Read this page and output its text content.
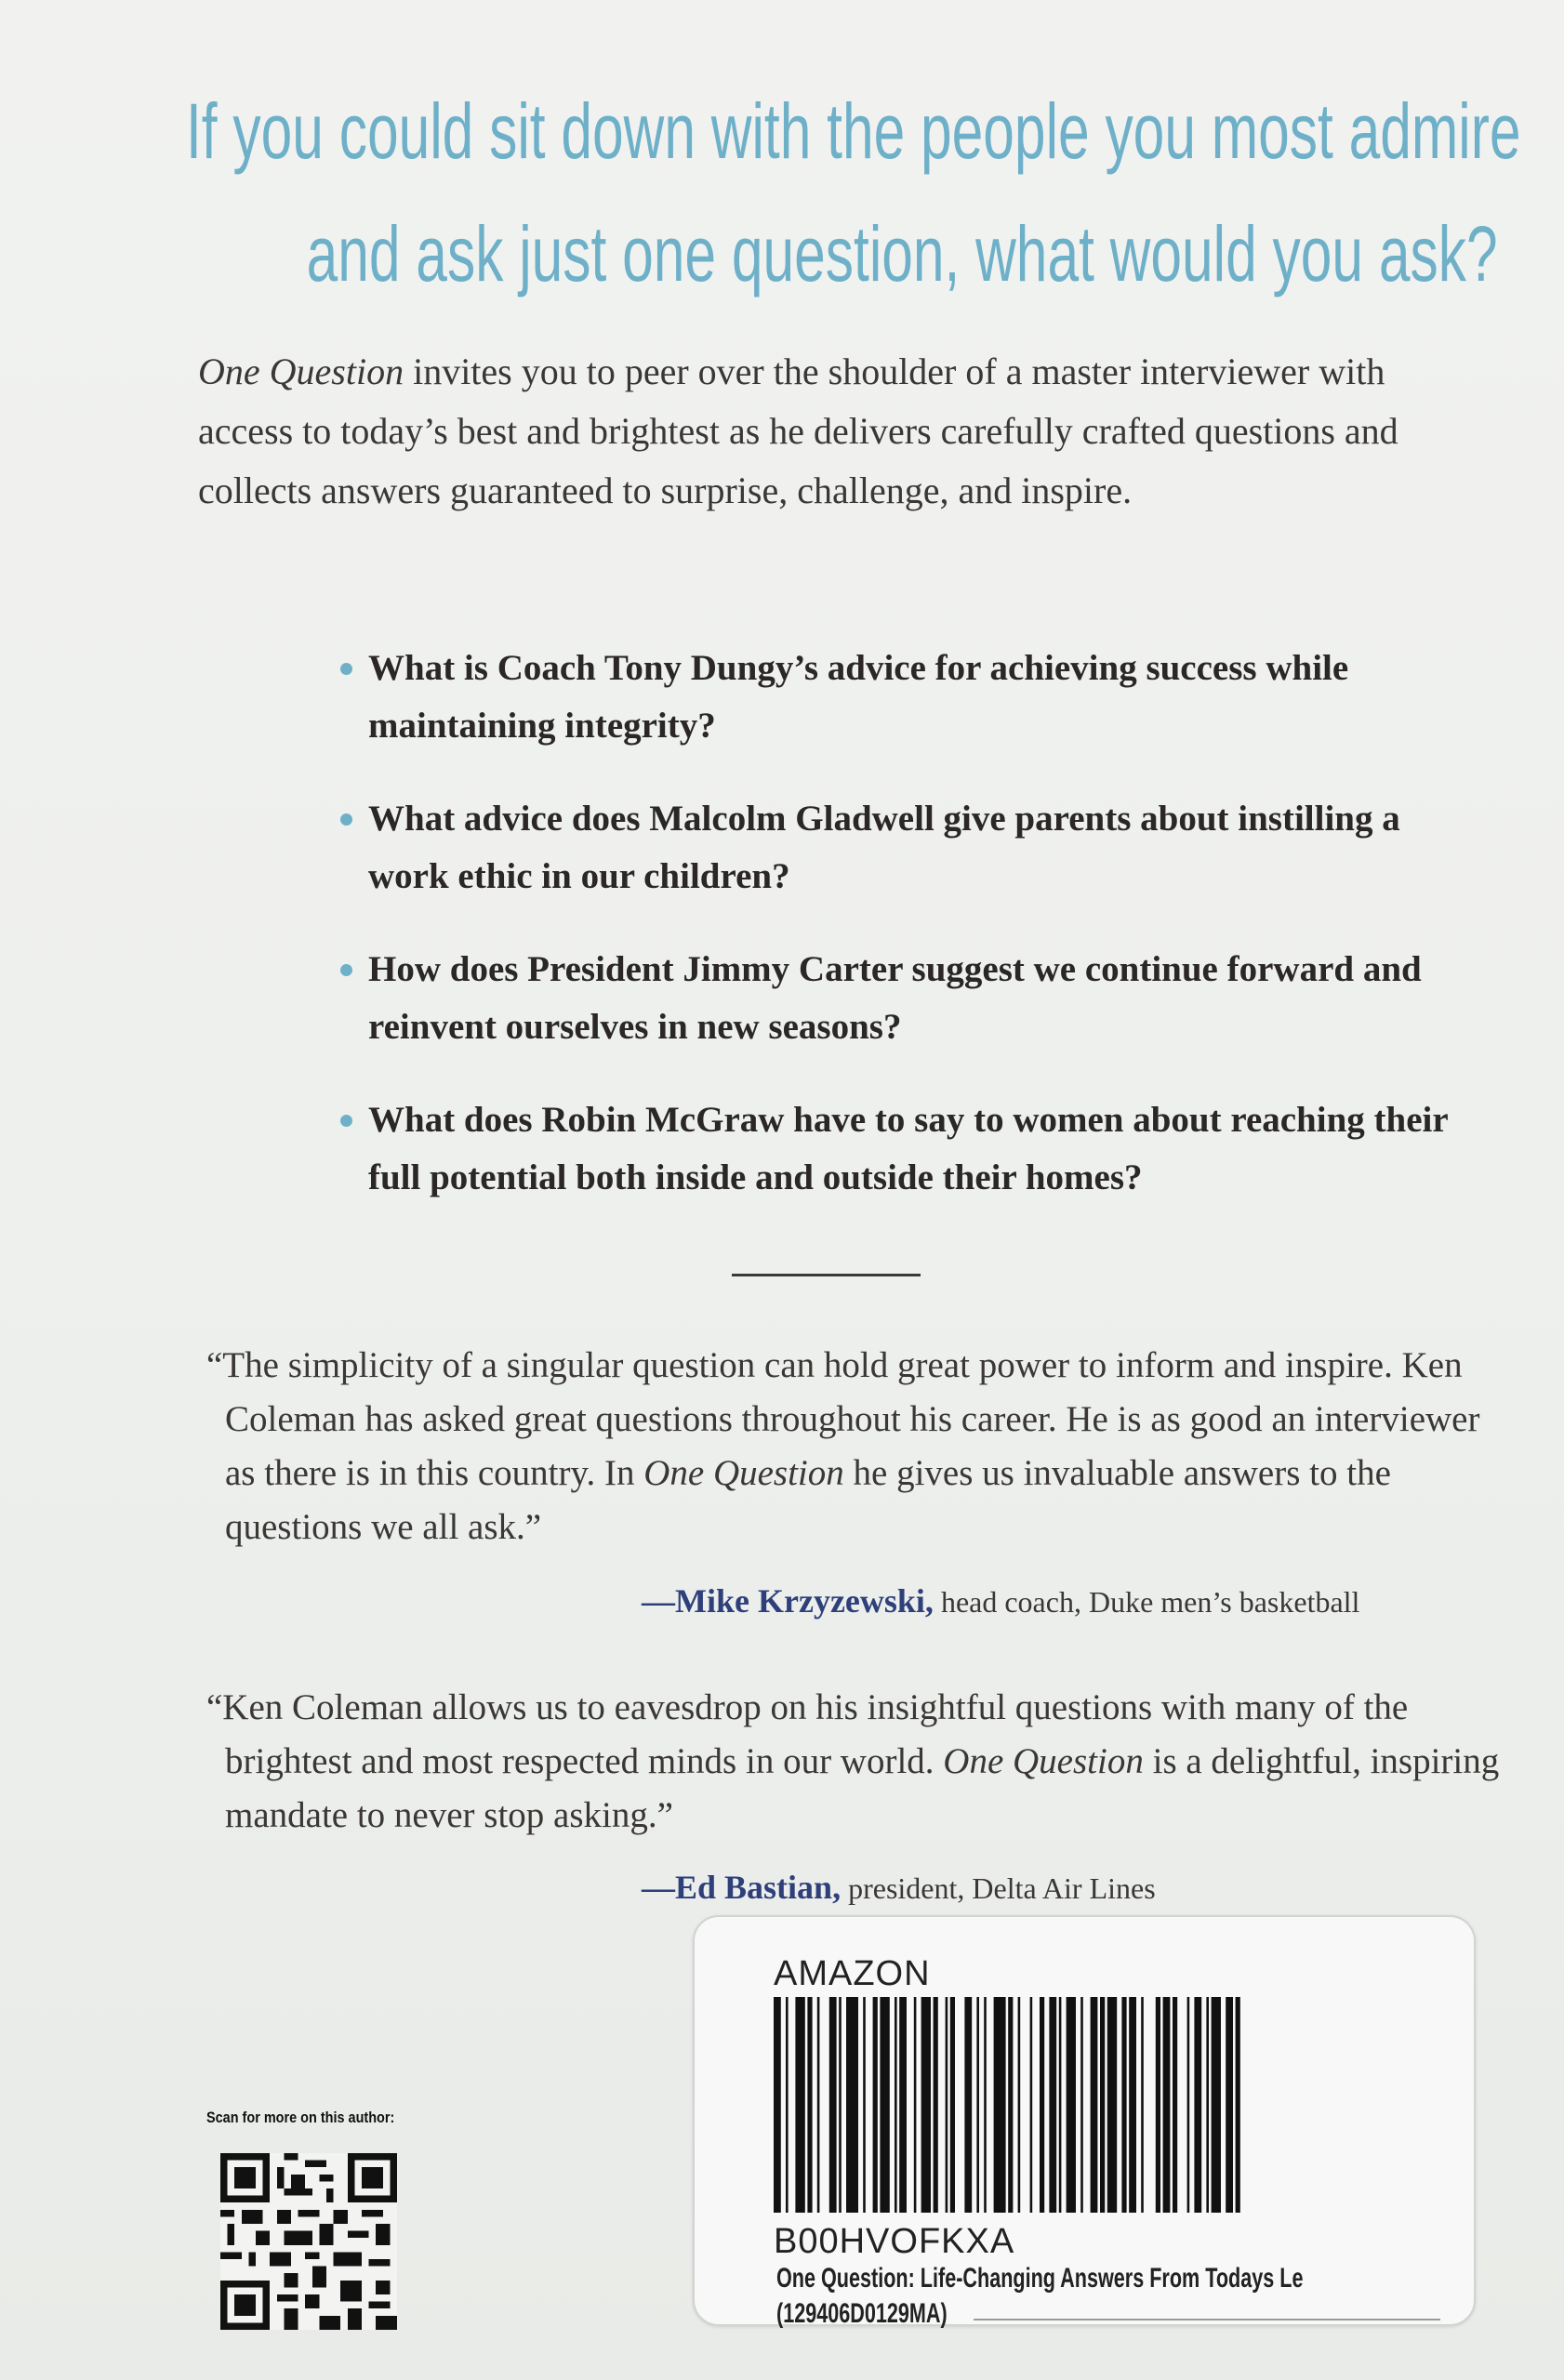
If you could sit down with the people you most admire
and ask just one question, what would you ask?
One Question invites you to peer over the shoulder of a master interviewer with access to today’s best and brightest as he delivers carefully crafted questions and collects answers guaranteed to surprise, challenge, and inspire.
What is Coach Tony Dungy’s advice for achieving success while maintaining integrity?
What advice does Malcolm Gladwell give parents about instilling a work ethic in our children?
How does President Jimmy Carter suggest we continue forward and reinvent ourselves in new seasons?
What does Robin McGraw have to say to women about reaching their full potential both inside and outside their homes?
“The simplicity of a singular question can hold great power to inform and inspire. Ken Coleman has asked great questions throughout his career. He is as good an interviewer as there is in this country. In One Question he gives us invaluable answers to the questions we all ask.”
—Mike Krzyzewski, head coach, Duke men’s basketball
“Ken Coleman allows us to eavesdrop on his insightful questions with many of the brightest and most respected minds in our world. One Question is a delightful, inspiring mandate to never stop asking.”
—Ed Bastian, president, Delta Air Lines
Scan for more on this author:
AMAZON
B00HVOFKXA
One Question: Life-Changing Answers From Todays Le
(129406D0129MA)
